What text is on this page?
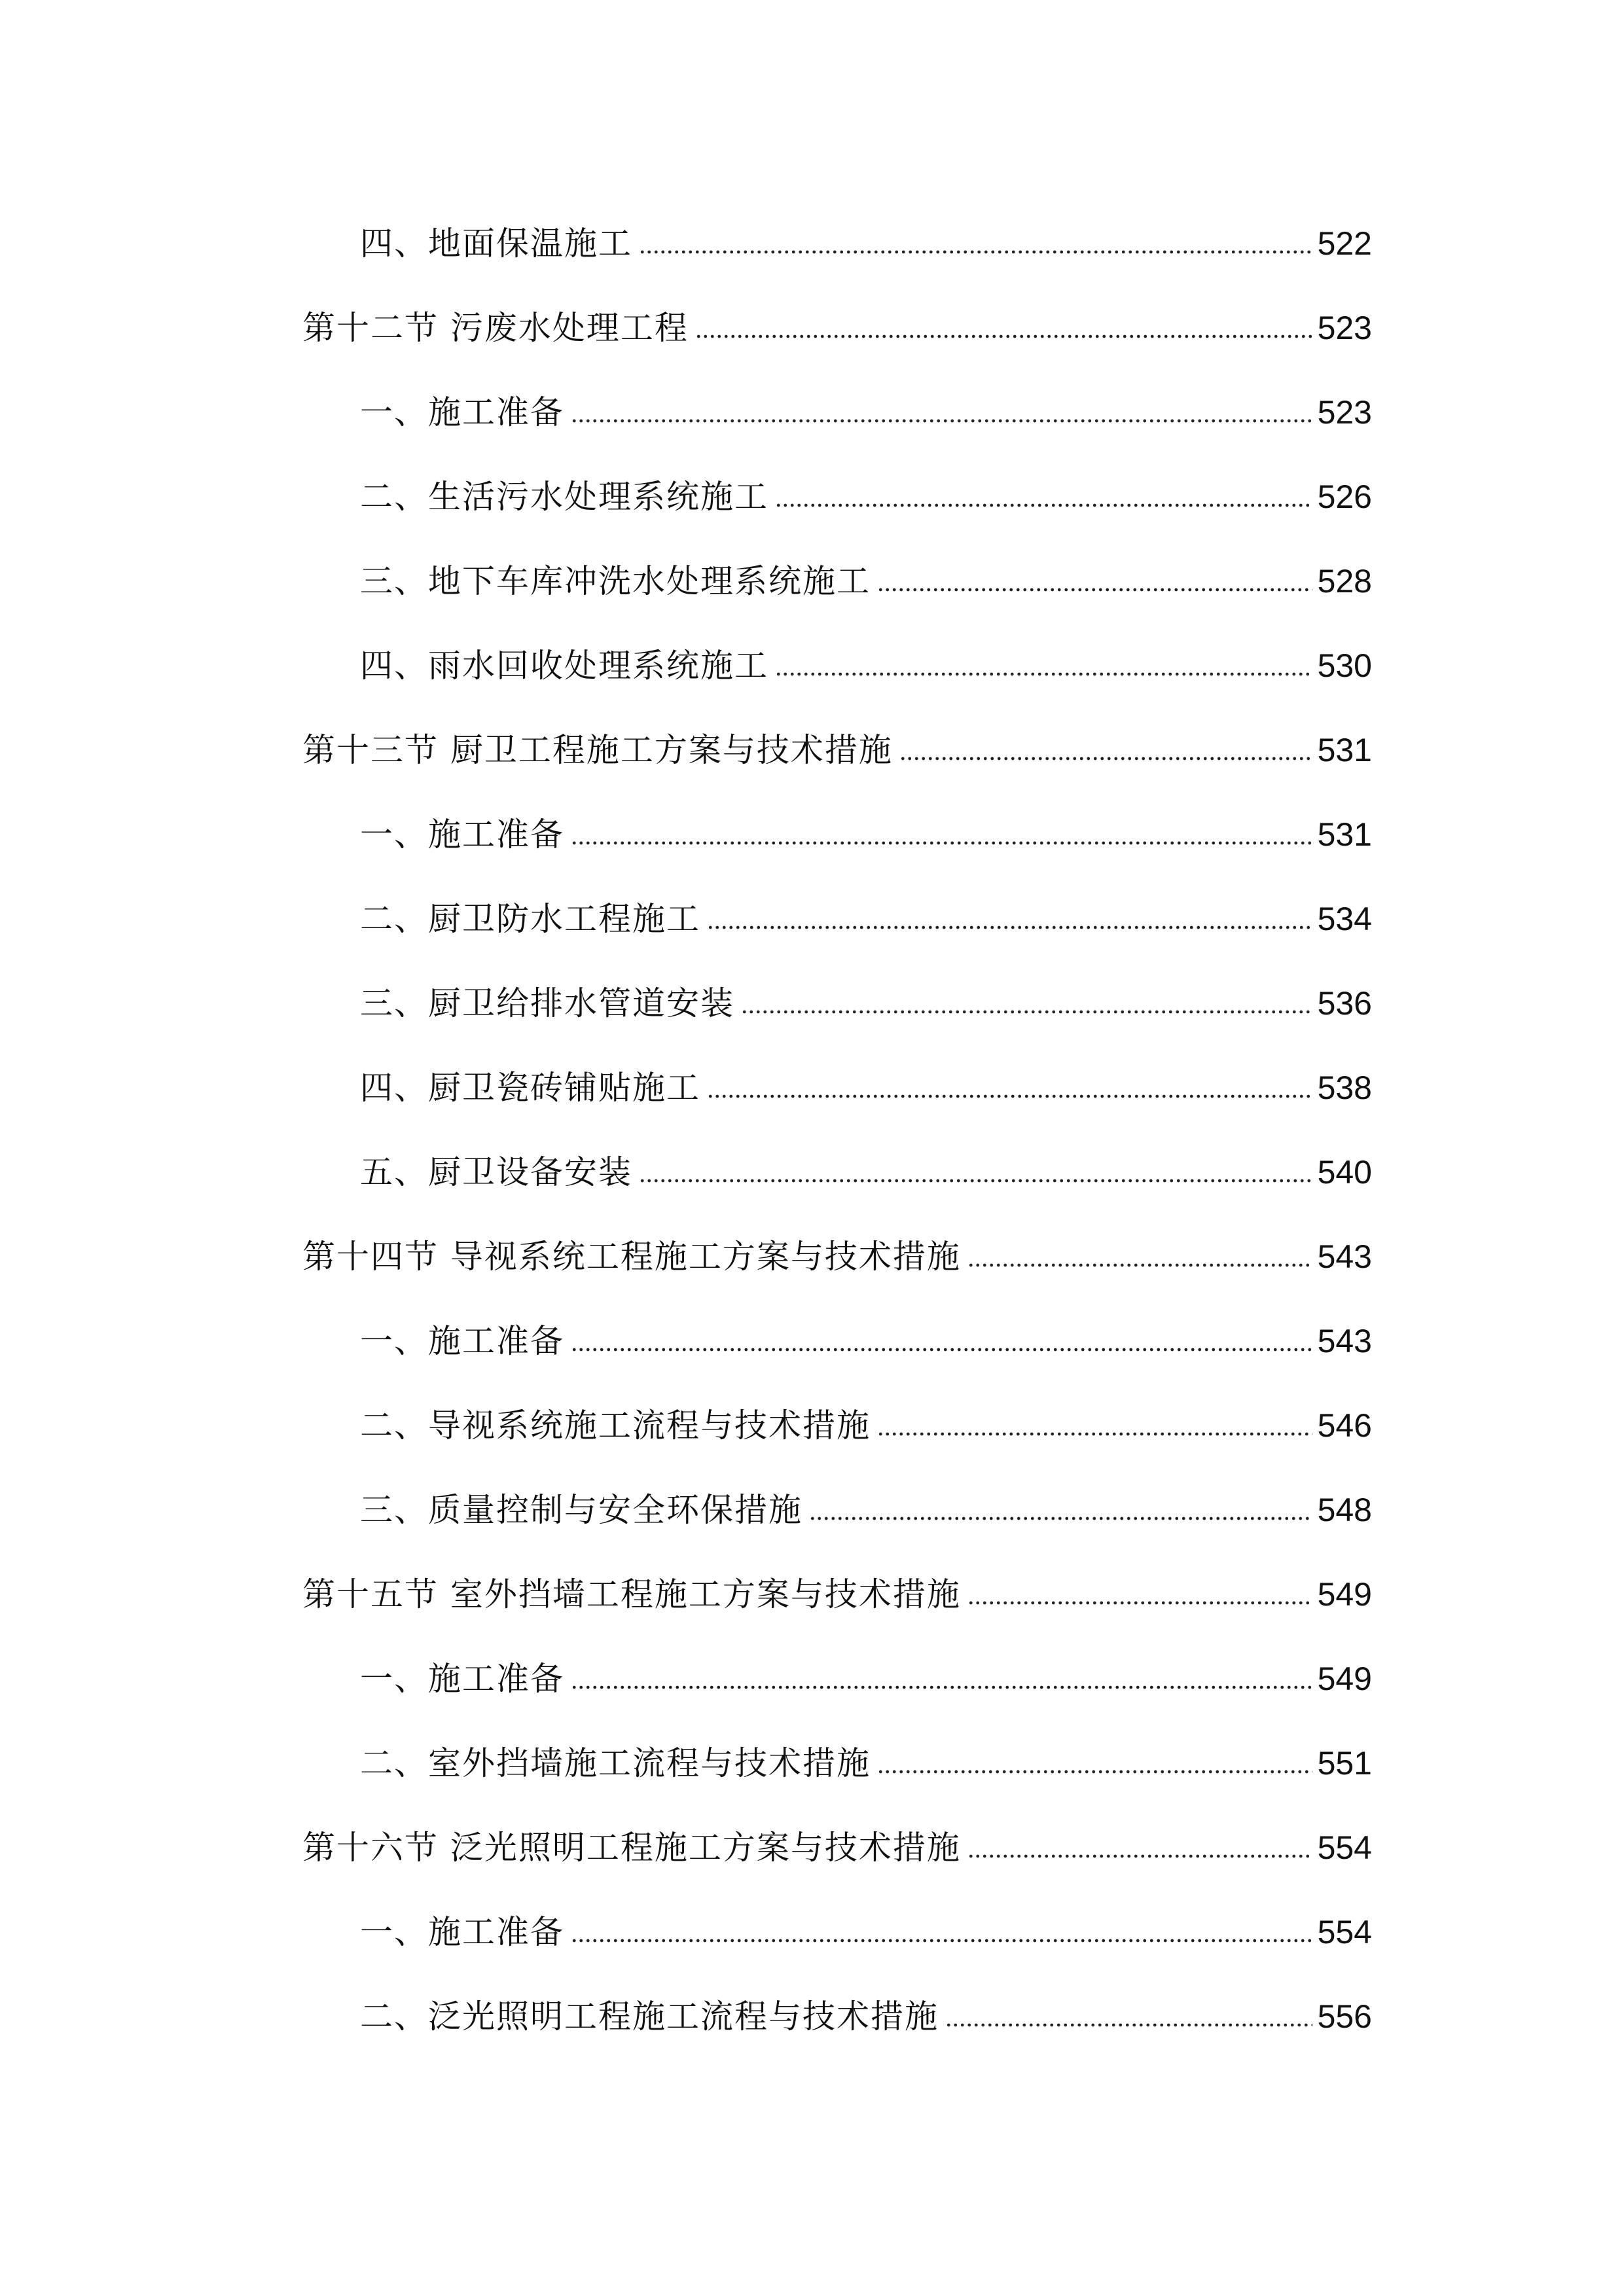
四、地面保温施工	522
第十二节 污废水处理工程	523
一、施工准备	523
二、生活污水处理系统施工	526
三、地下车库冲洗水处理系统施工	528
四、雨水回收处理系统施工	530
第十三节 厨卫工程施工方案与技术措施	531
一、施工准备	531
二、厨卫防水工程施工	534
三、厨卫给排水管道安装	536
四、厨卫瓷砖铺贴施工	538
五、厨卫设备安装	540
第十四节 导视系统工程施工方案与技术措施	543
一、施工准备	543
二、导视系统施工流程与技术措施	546
三、质量控制与安全环保措施	548
第十五节 室外挡墙工程施工方案与技术措施	549
一、施工准备	549
二、室外挡墙施工流程与技术措施	551
第十六节 泛光照明工程施工方案与技术措施	554
一、施工准备	554
二、泛光照明工程施工流程与技术措施	556
